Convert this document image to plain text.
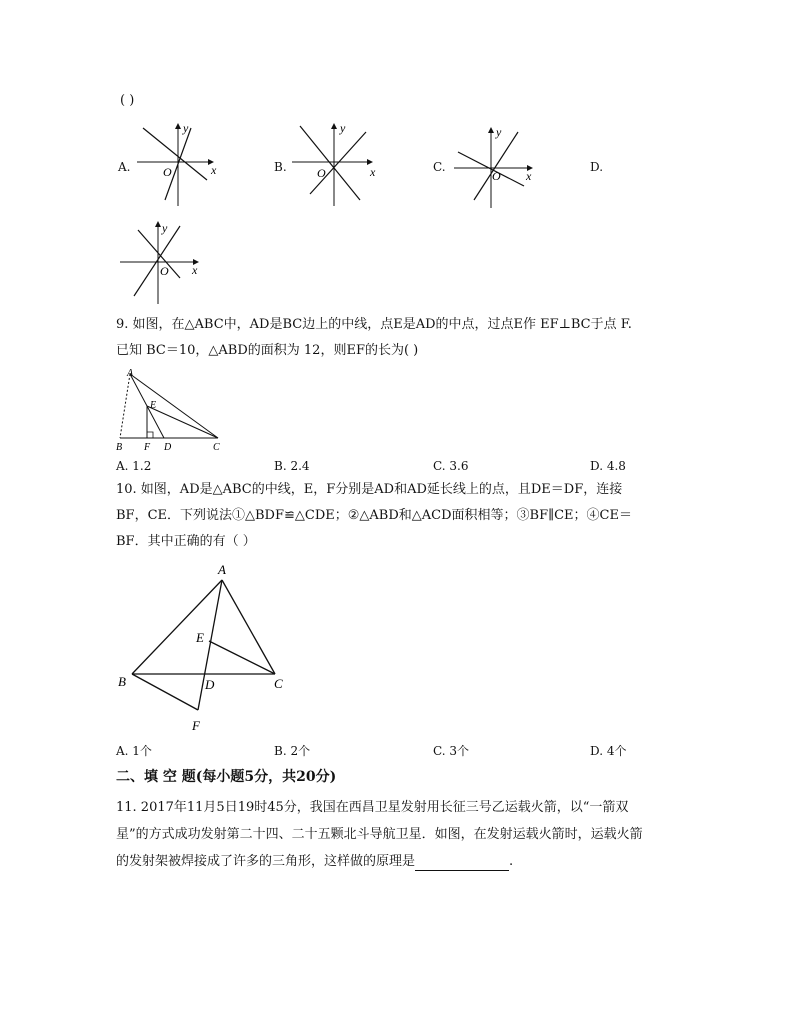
( )
A.	B.	C.	D.
y
x
O
y
x
O
y
x
O
y
x
O
9. 如图，在△ABC中，AD是BC边上的中线，点E是AD的中点，过点E作 EF⊥BC于点 F.
已知 BC＝10，△ABD的面积为 12，则EF的长为( )
A
E
B F D	C
A. 1.2	B. 2.4	C. 3.6	D. 4.8
10. 如图，AD是△ABC的中线，E，F分别是AD和AD延长线上的点，且DE＝DF，连接
BF，CE．下列说法①△BDF≌△CDE；②△ABD和△ACD面积相等；③BF∥CE；④CE＝
BF．其中正确的有（ ）
A
E
B	D	C
F
A. 1个	B. 2个	C. 3个	D. 4个
二、填 空 题(每小题5分，共20分)
11. 2017年11月5日19时45分，我国在西昌卫星发射用长征三号乙运载火箭，以“一箭双
星”的方式成功发射第二十四、二十五颗北斗导航卫星．如图，在发射运载火箭时，运载火箭
的发射架被焊接成了许多的三角形，这样做的原理是	.
